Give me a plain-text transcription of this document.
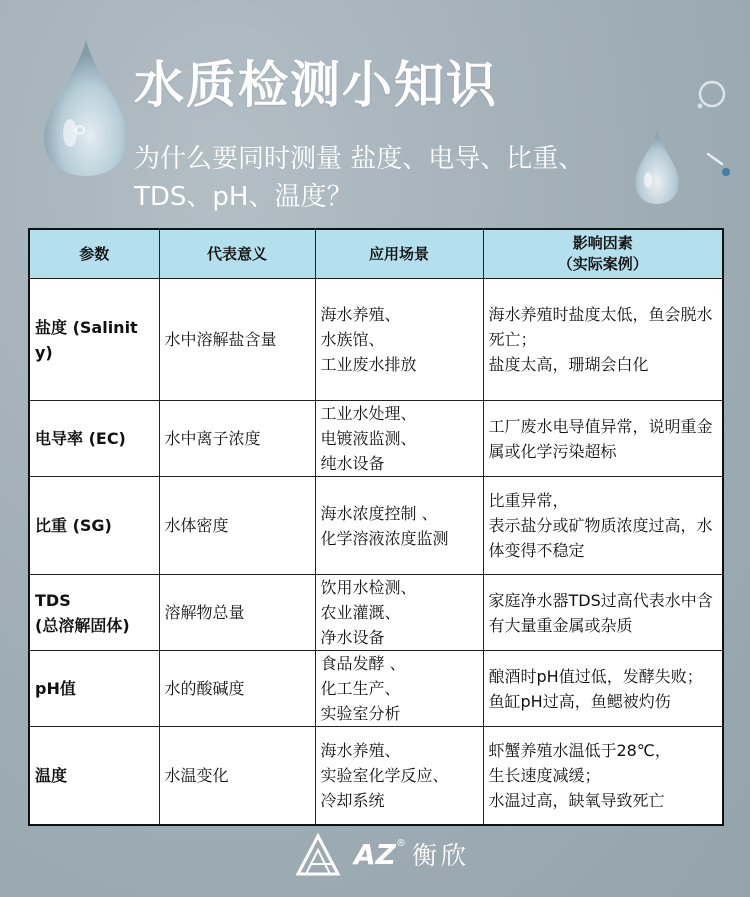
水质检测小知识

为什么要同时测量 盐度、电导、比重、TDS、pH、温度？

参数	代表意义	应用场景	影响因素
（实际案例）
盐度 (Salinity)	水中溶解盐含量	海水养殖、
水族馆、
工业废水排放	海水养殖时盐度太低，鱼会脱水死亡；
盐度太高，珊瑚会白化
电导率 (EC)	水中离子浓度	工业水处理、
电镀液监测、
纯水设备	工厂废水电导值异常，说明重金属或化学污染超标
比重 (SG)	水体密度	海水浓度控制 、
化学溶液浓度监测	比重异常，
表示盐分或矿物质浓度过高，水体变得不稳定
TDS
(总溶解固体)	溶解物总量	饮用水检测、
农业灌溉、
净水设备	家庭净水器TDS过高代表水中含有大量重金属或杂质
pH值	水的酸碱度	食品发酵 、
化工生产、
实验室分析	酿酒时pH值过低，发酵失败；鱼缸pH过高，鱼鳃被灼伤
温度	水温变化	海水养殖、
实验室化学反应、
冷却系统	虾蟹养殖水温低于28℃，
生长速度减缓；
水温过高，缺氧导致死亡
AZ ® 衡欣
